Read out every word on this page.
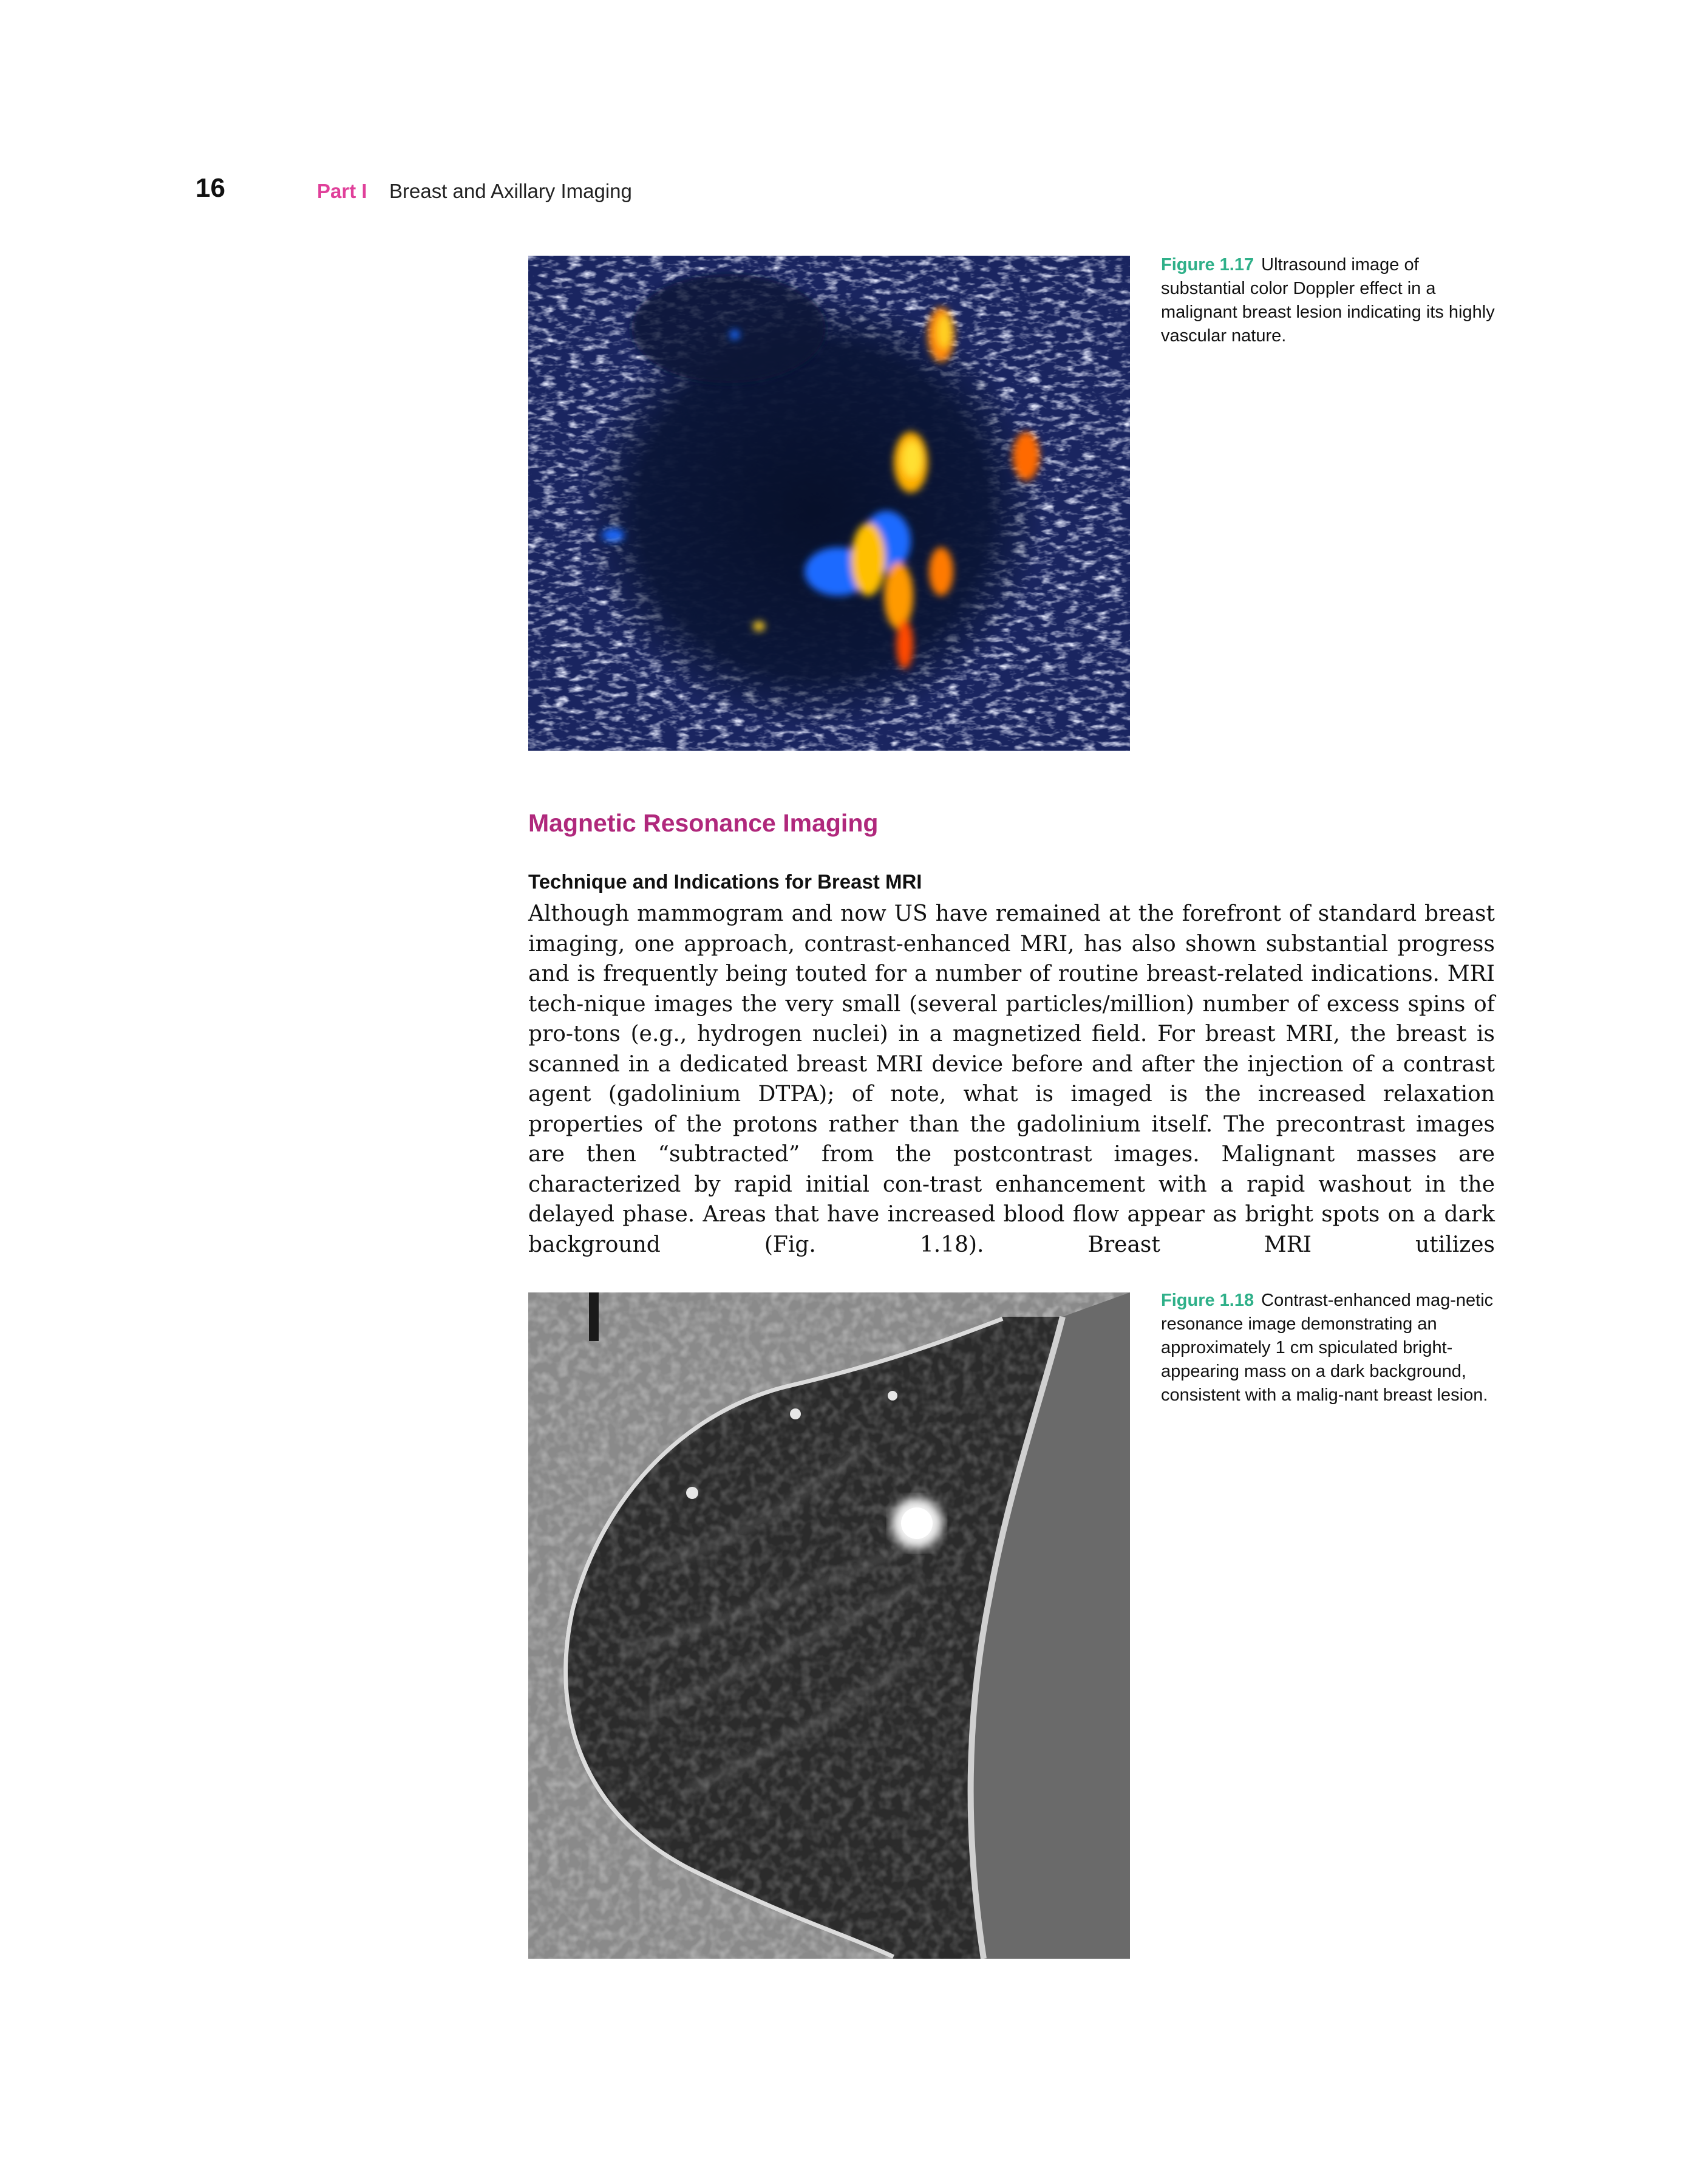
16	Part I Breast and Axillary Imaging
Figure 1.17 Ultrasound image of substantial color Doppler effect in a malignant breast lesion indicating its highly vascular nature.
Magnetic Resonance Imaging
Technique and Indications for Breast MRI

Although mammogram and now US have remained at the forefront of standard breast imaging, one approach, contrast-enhanced MRI, has also shown substantial progress and is frequently being touted for a number of routine breast-related indications. MRI tech-nique images the very small (several particles/million) number of excess spins of pro-tons (e.g., hydrogen nuclei) in a magnetized field. For breast MRI, the breast is scanned in a dedicated breast MRI device before and after the injection of a contrast agent (gadolinium DTPA); of note, what is imaged is the increased relaxation properties of the protons rather than the gadolinium itself. The precontrast images are then “subtracted” from the postcontrast images. Malignant masses are characterized by rapid initial con-trast enhancement with a rapid washout in the delayed phase. Areas that have increased blood flow appear as bright spots on a dark background (Fig. 1.18). Breast MRI utilizes

Figure 1.18 Contrast-enhanced mag-netic resonance image demonstrating an approximately 1 cm spiculated bright-appearing mass on a dark background, consistent with a malig-nant breast lesion.
